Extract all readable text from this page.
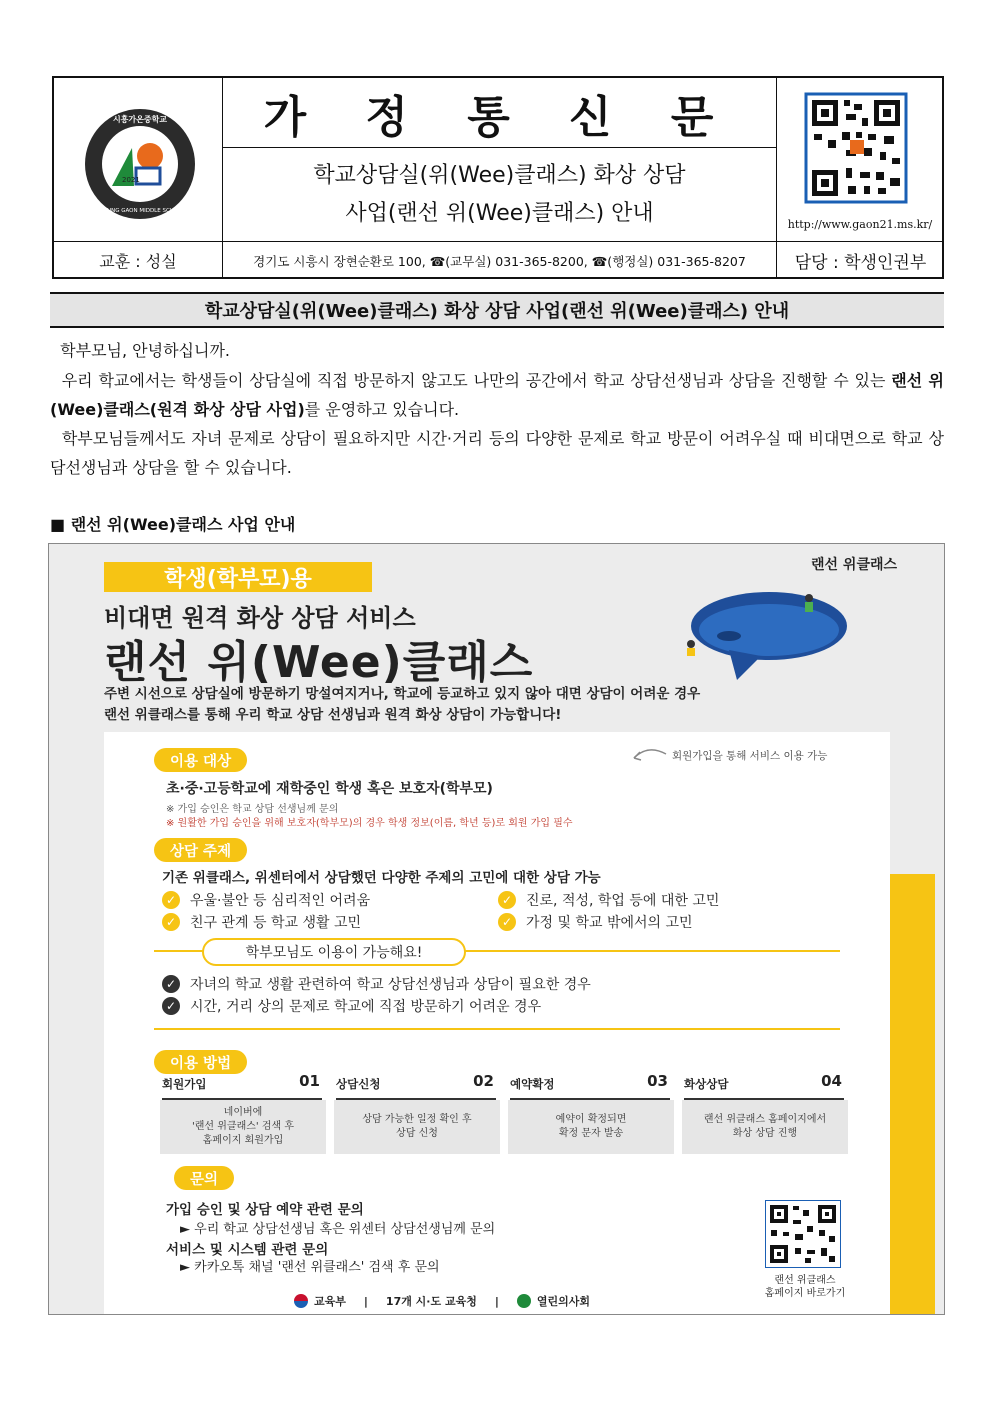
2021
시흥가온중학교
SIHEUNG GAON MIDDLE SCHOOL
가 정 통 신 문
학교상담실(위(Wee)클래스) 화상 상담
사업(랜선 위(Wee)클래스) 안내	http://www.gaon21.ms.kr/
교훈 : 성실	경기도 시흥시 장현순환로 100, ☎(교무실) 031-365-8200, ☎(행정실) 031-365-8207	담당 : 학생인권부
학교상담실(위(Wee)클래스) 화상 상담 사업(랜선 위(Wee)클래스) 안내
학부모님, 안녕하십니까.
우리 학교에서는 학생들이 상담실에 직접 방문하지 않고도 나만의 공간에서 학교 상담선생님과 상담을 진행할 수 있는 랜선 위(Wee)클래스(원격 화상 상담 사업)를 운영하고 있습니다.
학부모님들께서도 자녀 문제로 상담이 필요하지만 시간·거리 등의 다양한 문제로 학교 방문이 어려우실 때 비대면으로 학교 상담선생님과 상담을 할 수 있습니다.
■ 랜선 위(Wee)클래스 사업 안내
학생(학부모)용
랜선 위클래스
비대면 원격 화상 상담 서비스
랜선 위(Wee)클래스
주변 시선으로 상담실에 방문하기 망설여지거나, 학교에 등교하고 있지 않아 대면 상담이 어려운 경우
랜선 위클래스를 통해 우리 학교 상담 선생님과 원격 화상 상담이 가능합니다!
이용 대상	회원가입을 통해 서비스 이용 가능
초·중·고등학교에 재학중인 학생 혹은 보호자(학부모)
※ 가입 승인은 학교 상담 선생님께 문의
※ 원활한 가입 승인을 위해 보호자(학부모)의 경우 학생 정보(이름, 학년 등)로 회원 가입 필수
상담 주제
기존 위클래스, 위센터에서 상담했던 다양한 주제의 고민에 대한 상담 가능
✓ 우울·불안 등 심리적인 어려움	✓ 진로, 적성, 학업 등에 대한 고민
✓ 친구 관계 등 학교 생활 고민	✓ 가정 및 학교 밖에서의 고민
학부모님도 이용이 가능해요!
✓ 자녀의 학교 생활 관련하여 학교 상담선생님과 상담이 필요한 경우
✓ 시간, 거리 상의 문제로 학교에 직접 방문하기 어려운 경우
이용 방법
회원가입	01 상담신청	02 예약확정	03 화상상담	04
네이버에
'랜선 위클래스' 검색 후
홈페이지 회원가입
상담 가능한 일정 확인 후
상담 신청
예약이 확정되면
확정 문자 발송
랜선 위클래스 홈페이지에서
화상 상담 진행
문의
가입 승인 및 상담 예약 관련 문의
► 우리 학교 상담선생님 혹은 위센터 상담선생님께 문의
서비스 및 시스템 관련 문의
► 카카오톡 채널 '랜선 위클래스' 검색 후 문의
랜선 위클래스
홈페이지 바로가기
교육부 | 17개 시·도 교육청 |	열린의사회
